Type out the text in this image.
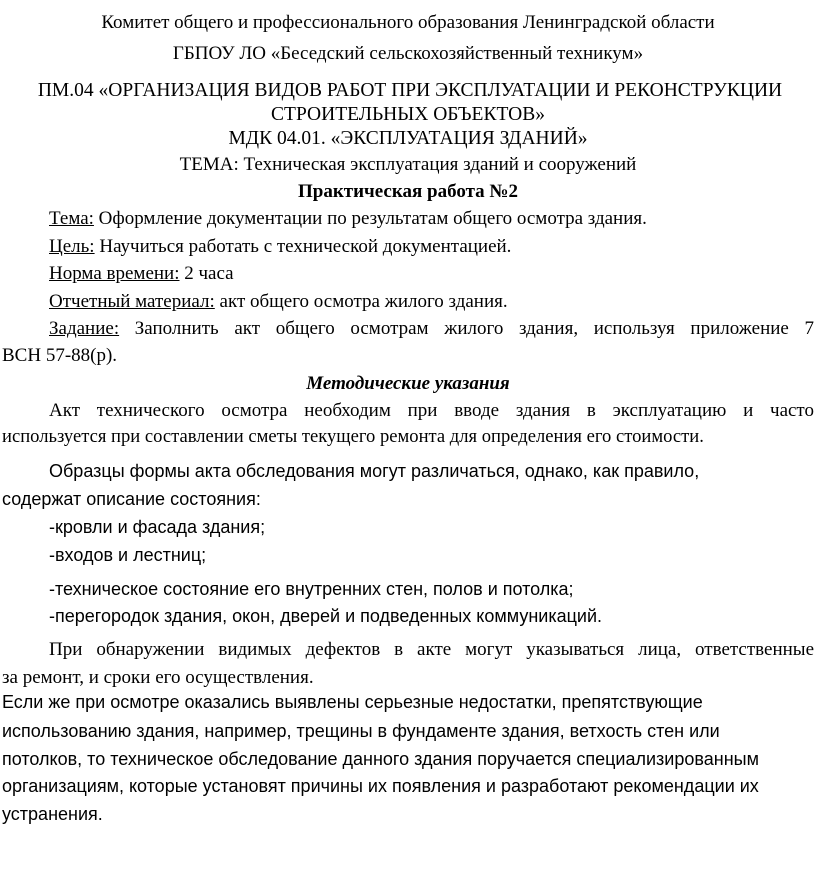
Комитет общего и профессионального образования Ленинградской области
ГБПОУ ЛО «Беседский сельскохозяйственный техникум»
ПМ.04 «ОРГАНИЗАЦИЯ ВИДОВ РАБОТ ПРИ ЭКСПЛУАТАЦИИ И РЕКОНСТРУКЦИИ
СТРОИТЕЛЬНЫХ ОБЪЕКТОВ»
МДК 04.01. «ЭКСПЛУАТАЦИЯ ЗДАНИЙ»
ТЕМА: Техническая эксплуатация зданий и сооружений
Практическая работа №2
Тема: Оформление документации по результатам общего осмотра здания.
Цель: Научиться работать с технической документацией.
Норма времени: 2 часа
Отчетный материал: акт общего осмотра жилого здания.
Задание: Заполнить акт общего осмотрам жилого здания, используя приложение 7
ВСН 57-88(р).
Методические указания
Акт технического осмотра необходим при вводе здания в эксплуатацию и часто
используется при составлении сметы текущего ремонта для определения его стоимости.
Образцы формы акта обследования могут различаться, однако, как правило,
содержат описание состояния:
-кровли и фасада здания;
-входов и лестниц;
-техническое состояние его внутренних стен, полов и потолка;
-перегородок здания, окон, дверей и подведенных коммуникаций.
При обнаружении видимых дефектов в акте могут указываться лица, ответственные
за ремонт, и сроки его осуществления.
Если же при осмотре оказались выявлены серьезные недостатки, препятствующие
использованию здания, например, трещины в фундаменте здания, ветхость стен или
потолков, то техническое обследование данного здания поручается специализированным
организациям, которые установят причины их появления и разработают рекомендации их
устранения.
